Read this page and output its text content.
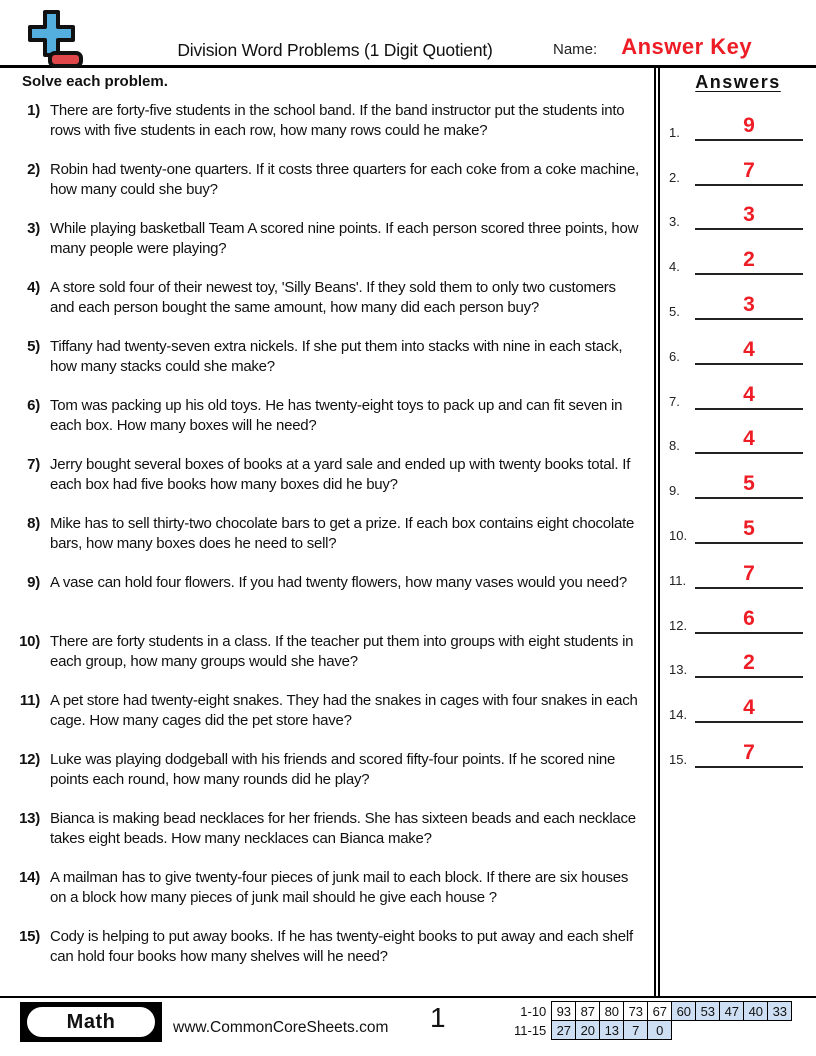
Division Word Problems (1 Digit Quotient)	Name: Answer Key
Solve each problem.
1) There are forty-five students in the school band. If the band instructor put the students into rows with five students in each row, how many rows could he make?
2) Robin had twenty-one quarters. If it costs three quarters for each coke from a coke machine, how many could she buy?
3) While playing basketball Team A scored nine points. If each person scored three points, how many people were playing?
4) A store sold four of their newest toy, 'Silly Beans'. If they sold them to only two customers and each person bought the same amount, how many did each person buy?
5) Tiffany had twenty-seven extra nickels. If she put them into stacks with nine in each stack, how many stacks could she make?
6) Tom was packing up his old toys. He has twenty-eight toys to pack up and can fit seven in each box. How many boxes will he need?
7) Jerry bought several boxes of books at a yard sale and ended up with twenty books total. If each box had five books how many boxes did he buy?
8) Mike has to sell thirty-two chocolate bars to get a prize. If each box contains eight chocolate bars, how many boxes does he need to sell?
9) A vase can hold four flowers. If you had twenty flowers, how many vases would you need?
10) There are forty students in a class. If the teacher put them into groups with eight students in each group, how many groups would she have?
11) A pet store had twenty-eight snakes. They had the snakes in cages with four snakes in each cage. How many cages did the pet store have?
12) Luke was playing dodgeball with his friends and scored fifty-four points. If he scored nine points each round, how many rounds did he play?
13) Bianca is making bead necklaces for her friends. She has sixteen beads and each necklace takes eight beads. How many necklaces can Bianca make?
14) A mailman has to give twenty-four pieces of junk mail to each block. If there are six houses on a block how many pieces of junk mail should he give each house ?
15) Cody is helping to put away books. If he has twenty-eight books to put away and each shelf can hold four books how many shelves will he need?
Answers
1.	9
2.	7
3.	3
4.	2
5.	3
6.	4
7.	4
8.	4
9.	5
10.	5
11.	7
12.	6
13.	2
14.	4
15.	7
Math	www.CommonCoreSheets.com 1	1-10	93	87	80	73	67	60	53	47	40	33
11-15	27	20	13	7	0					
